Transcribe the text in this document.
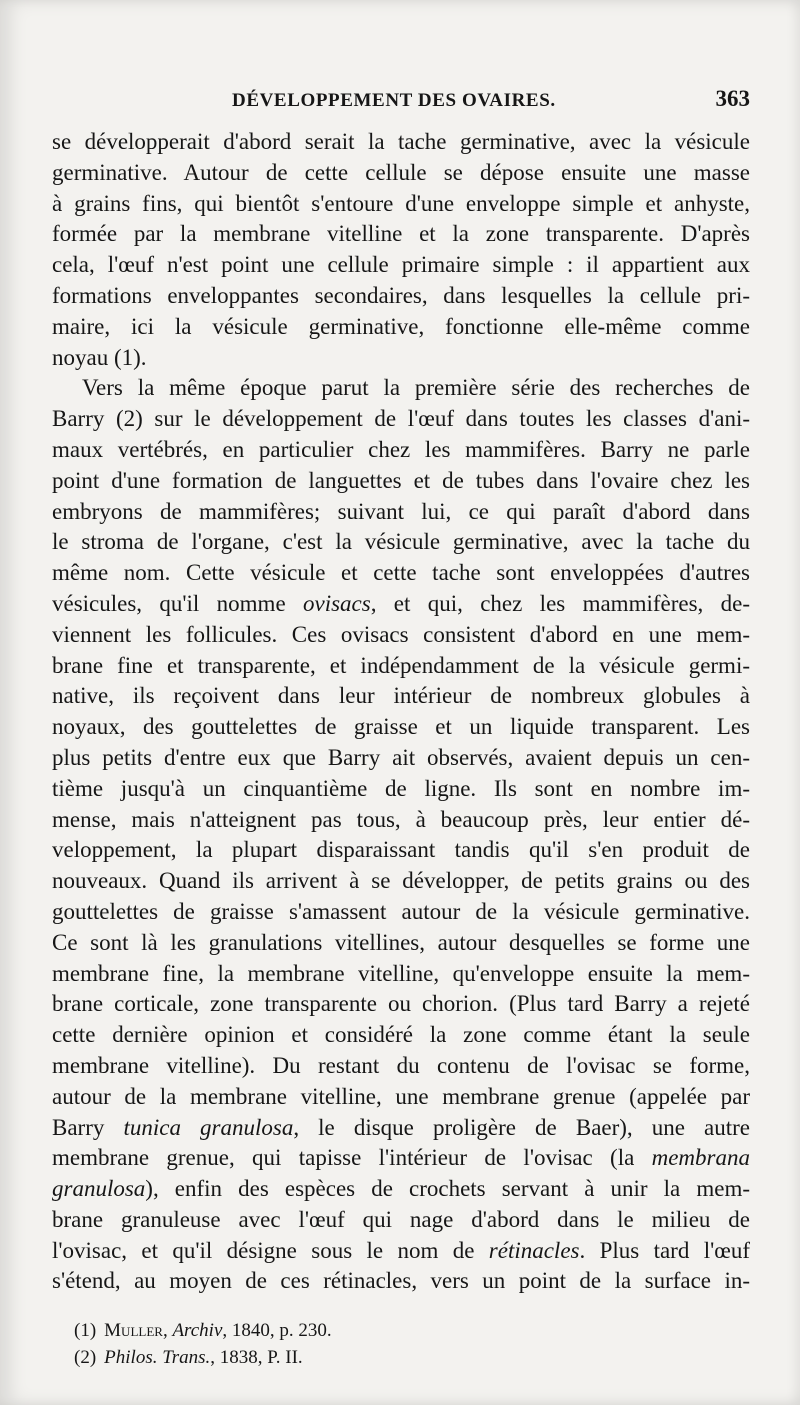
DÉVELOPPEMENT DES OVAIRES.	363
se développerait d'abord serait la tache germinative, avec la vésicule
germinative. Autour de cette cellule se dépose ensuite une masse
à grains fins, qui bientôt s'entoure d'une enveloppe simple et anhyste,
formée par la membrane vitelline et la zone transparente. D'après
cela, l'œuf n'est point une cellule primaire simple : il appartient aux
formations enveloppantes secondaires, dans lesquelles la cellule pri-
maire, ici la vésicule germinative, fonctionne elle-même comme
noyau (1).
Vers la même époque parut la première série des recherches de
Barry (2) sur le développement de l'œuf dans toutes les classes d'ani-
maux vertébrés, en particulier chez les mammifères. Barry ne parle
point d'une formation de languettes et de tubes dans l'ovaire chez les
embryons de mammifères; suivant lui, ce qui paraît d'abord dans
le stroma de l'organe, c'est la vésicule germinative, avec la tache du
même nom. Cette vésicule et cette tache sont enveloppées d'autres
vésicules, qu'il nomme ovisacs, et qui, chez les mammifères, de-
viennent les follicules. Ces ovisacs consistent d'abord en une mem-
brane fine et transparente, et indépendamment de la vésicule germi-
native, ils reçoivent dans leur intérieur de nombreux globules à
noyaux, des gouttelettes de graisse et un liquide transparent. Les
plus petits d'entre eux que Barry ait observés, avaient depuis un cen-
tième jusqu'à un cinquantième de ligne. Ils sont en nombre im-
mense, mais n'atteignent pas tous, à beaucoup près, leur entier dé-
veloppement, la plupart disparaissant tandis qu'il s'en produit de
nouveaux. Quand ils arrivent à se développer, de petits grains ou des
gouttelettes de graisse s'amassent autour de la vésicule germinative.
Ce sont là les granulations vitellines, autour desquelles se forme une
membrane fine, la membrane vitelline, qu'enveloppe ensuite la mem-
brane corticale, zone transparente ou chorion. (Plus tard Barry a rejeté
cette dernière opinion et considéré la zone comme étant la seule
membrane vitelline). Du restant du contenu de l'ovisac se forme,
autour de la membrane vitelline, une membrane grenue (appelée par
Barry tunica granulosa, le disque proligère de Baer), une autre
membrane grenue, qui tapisse l'intérieur de l'ovisac (la membrana
granulosa), enfin des espèces de crochets servant à unir la mem-
brane granuleuse avec l'œuf qui nage d'abord dans le milieu de
l'ovisac, et qu'il désigne sous le nom de rétinacles. Plus tard l'œuf
s'étend, au moyen de ces rétinacles, vers un point de la surface in-
(1) Muller, Archiv, 1840, p. 230.
(2) Philos. Trans., 1838, P. II.
